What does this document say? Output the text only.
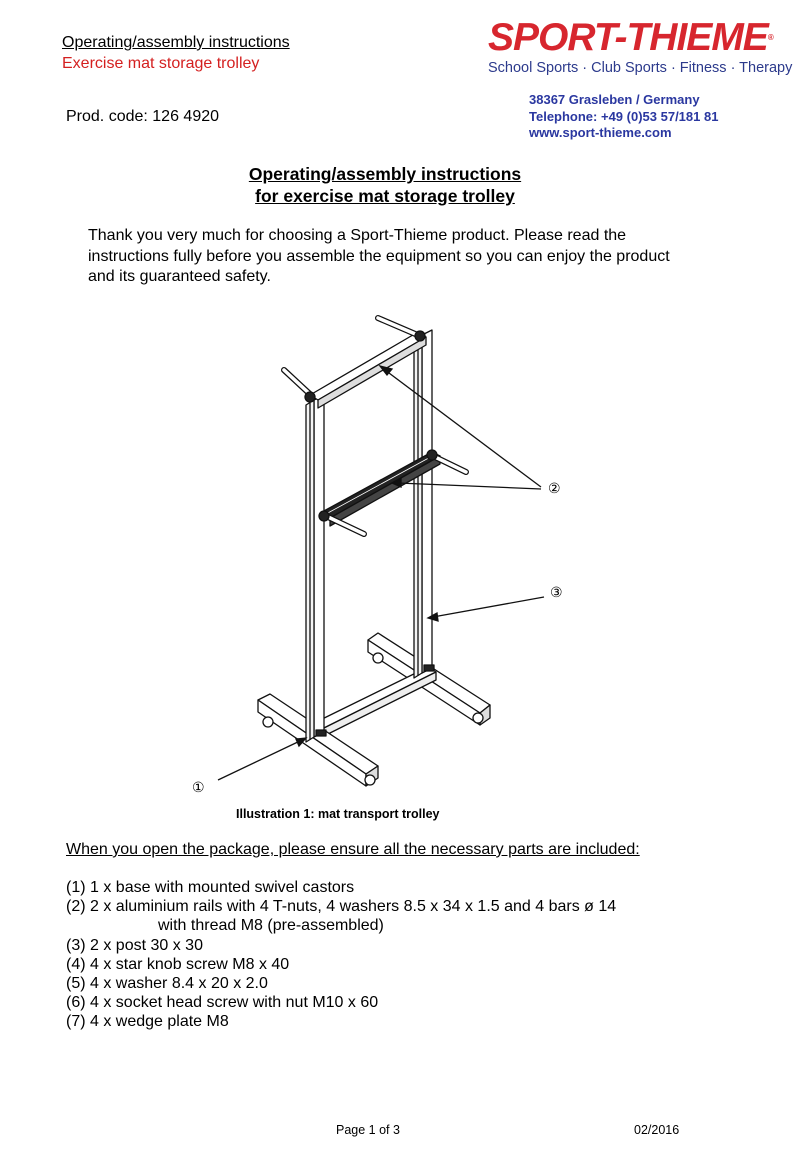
Operating/assembly instructions
Exercise mat storage trolley
Prod. code: 126 4920
SPORT-THIEME®
School Sports · Club Sports · Fitness · Therapy
38367 Grasleben / Germany
Telephone: +49 (0)53 57/181 81
www.sport-thieme.com
Operating/assembly instructions
for exercise mat storage trolley
Thank you very much for choosing a Sport-Thieme product. Please read the
instructions fully before you assemble the equipment so you can enjoy the product
and its guaranteed safety.
②
③
①
Illustration 1: mat transport trolley
When you open the package, please ensure all the necessary parts are included:
(1) 1 x base with mounted swivel castors
(2) 2 x aluminium rails with 4 T-nuts, 4 washers 8.5 x 34 x 1.5 and 4 bars ø 14
with thread M8 (pre-assembled)
(3) 2 x post 30 x 30
(4) 4 x star knob screw M8 x 40
(5) 4 x washer 8.4 x 20 x 2.0
(6) 4 x socket head screw with nut M10 x 60
(7) 4 x wedge plate M8
Page 1 of 3	02/2016
